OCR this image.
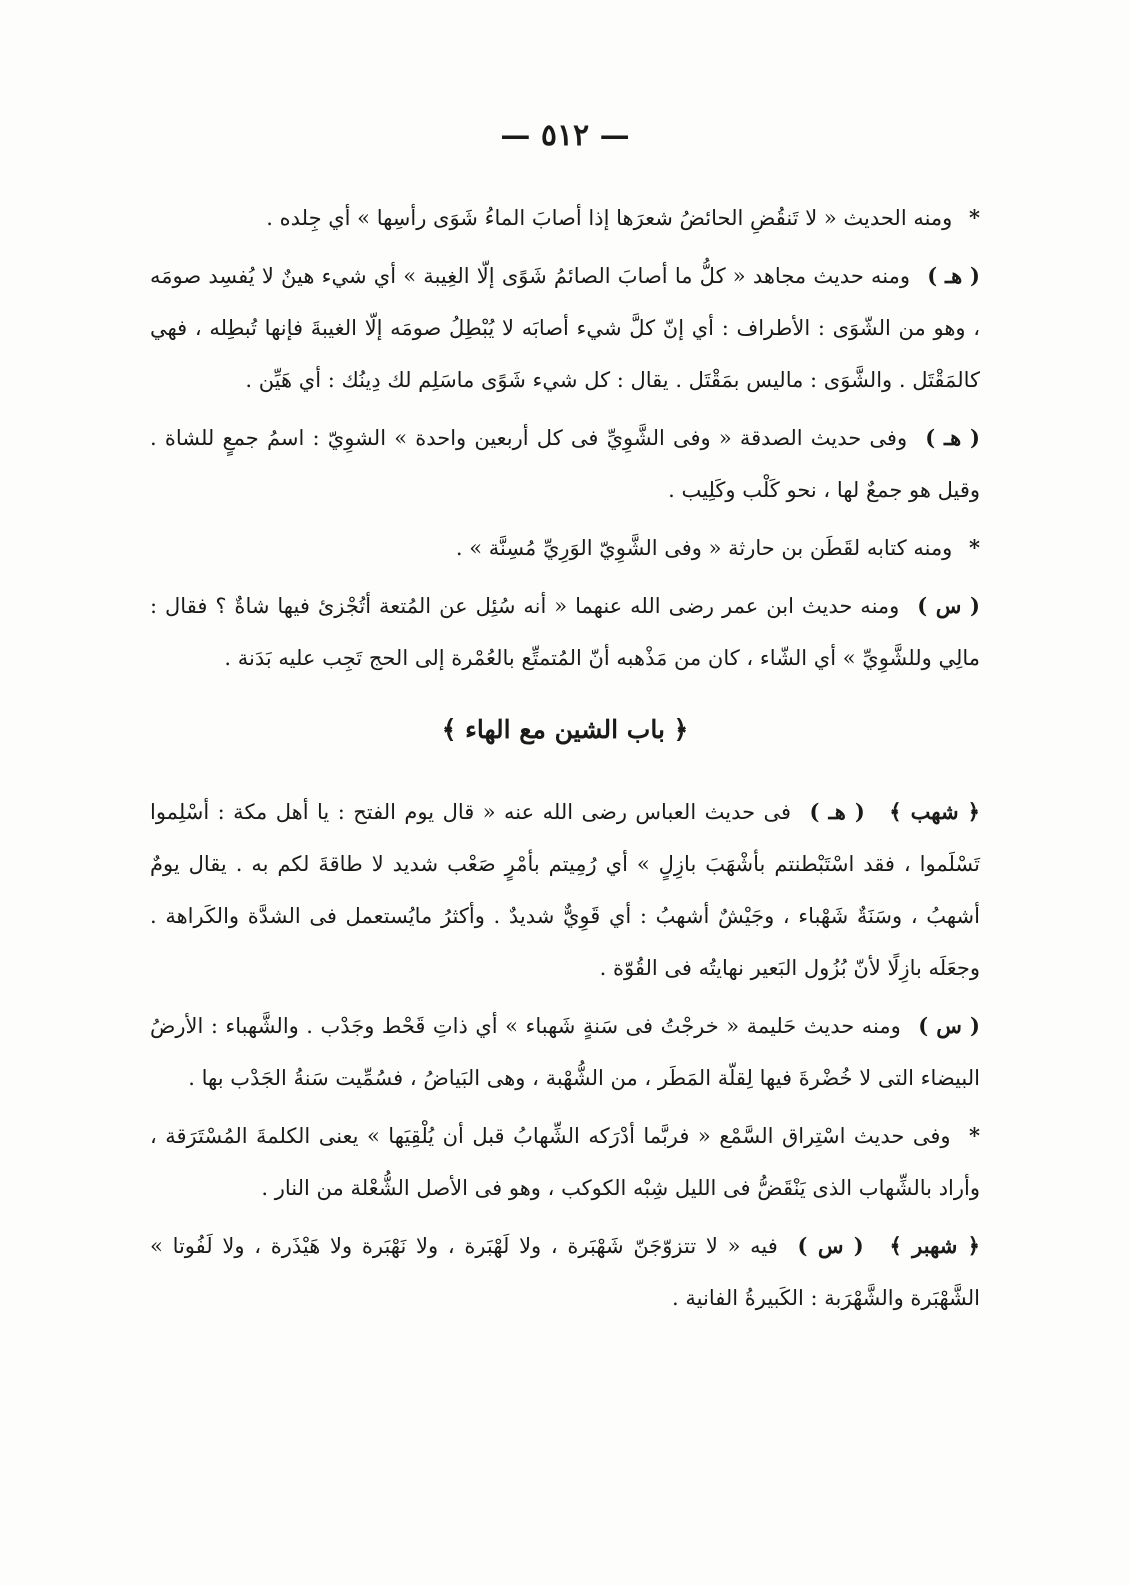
— ٥١٢ —

* ومنه الحديث « لا تَنقُضِ الحائضُ شعرَها إذا أصابَ الماءُ شَوَى رأسِها » أي جِلده .

( هـ ) ومنه حديث مجاهد « كلُّ ما أصابَ الصائمُ شَوًى إلّا الغِيبة » أي شيء هينٌ لا يُفسِد صومَه ، وهو من الشّوَى : الأطراف : أي إنّ كلَّ شيء أصابَه لا يُبْطِلُ صومَه إلّا الغيبةَ فإنها تُبطِله ، فهي كالمَقْتَل . والشَّوَى : ماليس بمَقْتَل . يقال : كل شيء شَوًى ماسَلِم لك دِينُك : أي هَيِّن .

( هـ ) وفى حديث الصدقة « وفى الشَّوِيِّ فى كل أربعين واحدة » الشوِيّ : اسمُ جمعٍ للشاة . وقيل هو جمعٌ لها ، نحو كَلْب وكَلِيب .

* ومنه كتابه لقَطَن بن حارثة « وفى الشَّوِيّ الوَرِيِّ مُسِنَّة » .

( س ) ومنه حديث ابن عمر رضى الله عنهما « أنه سُئِل عن المُتعة أتُجْزئ فيها شاةٌ ؟ فقال : مالِي وللشَّوِيِّ » أي الشّاء ، كان من مَذْهبه أنّ المُتمتِّع بالعُمْرة إلى الحج تَجِب عليه بَدَنة .

﴿ باب الشين مع الهاء ﴾

﴿ شهب ﴾ ( هـ ) فى حديث العباس رضى الله عنه « قال يوم الفتح : يا أهل مكة : أسْلِموا تَسْلَموا ، فقد اسْتَبْطنتم بأشْهَبَ بازِلٍ » أي رُمِيتم بأمْرٍ صَعْب شديد لا طاقةَ لكم به . يقال يومٌ أشهبُ ، وسَنَةٌ شَهْباء ، وجَيْشٌ أشهبُ : أي قَوِيٌّ شديدٌ . وأكثرُ مايُستعمل فى الشدَّة والكَراهة . وجعَلَه بازِلًا لأنّ بُزُول البَعير نهايتُه فى القُوّة .

( س ) ومنه حديث حَليمة « خرجْتُ فى سَنةٍ شَهباء » أي ذاتِ قَحْط وجَدْب . والشَّهباء : الأرضُ البيضاء التى لا خُضْرةَ فيها لِقلّة المَطَر ، من الشُّهْبة ، وهى البَياضُ ، فسُمِّيت سَنةُ الجَدْب بها .

* وفى حديث اسْتِراق السَّمْع « فربَّما أدْرَكه الشِّهابُ قبل أن يُلْقِيَها » يعنى الكلمةَ المُسْتَرَقة ، وأراد بالشِّهاب الذى يَنْقَضُّ فى الليل شِبْه الكوكب ، وهو فى الأصل الشُّعْلة من النار .

﴿ شهبر ﴾ ( س ) فيه « لا تتزوّجَنّ شَهْبَرة ، ولا لَهْبَرة ، ولا نَهْبَرة ولا هَيْذَرة ، ولا لَفُوتا » الشَّهْبَرة والشَّهْرَبة : الكَبيرةُ الفانية .
